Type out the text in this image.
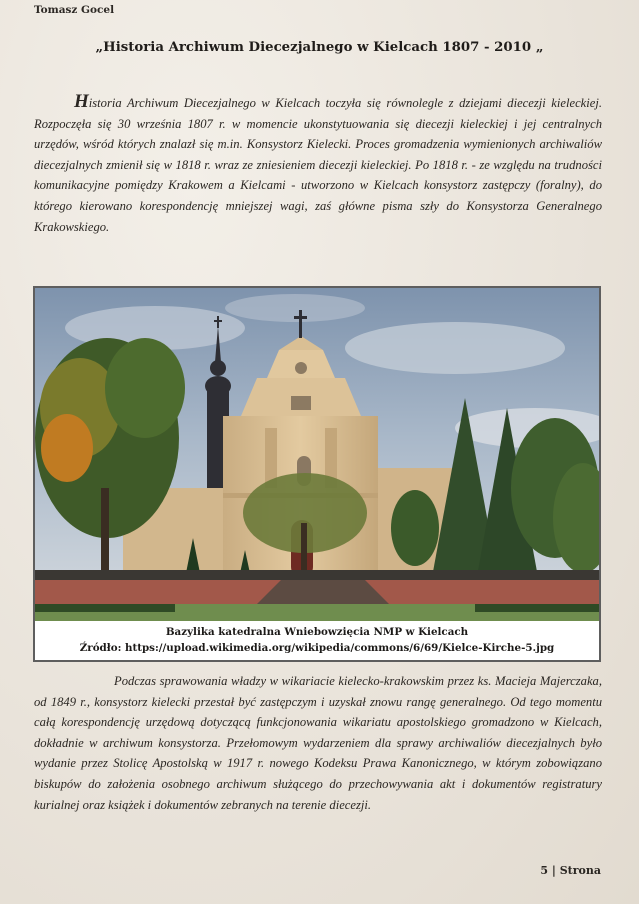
Tomasz Gocel
„Historia Archiwum Diecezjalnego w Kielcach 1807 - 2010 „

Historia Archiwum Diecezjalnego w Kielcach toczyła się równolegle z dziejami diecezji kieleckiej. Rozpoczęła się 30 września 1807 r. w momencie ukonstytuowania się diecezji kieleckiej i jej centralnych urzędów, wśród których znalazł się m.in. Konsystorz Kielecki. Proces gromadzenia wymienionych archiwaliów diecezjalnych zmienił się w 1818 r. wraz ze zniesieniem diecezji kieleckiej. Po 1818 r. - ze względu na trudności komunikacyjne pomiędzy Krakowem a Kielcami - utworzono w Kielcach konsystorz zastępczy (foralny), do którego kierowano korespondencję mniejszej wagi, zaś główne pisma szły do Konsystorza Generalnego Krakowskiego.

Bazylika katedralna Wniebowzięcia NMP w Kielcach
Źródło: https://upload.wikimedia.org/wikipedia/commons/6/69/Kielce-Kirche-5.jpg

Podczas sprawowania władzy w wikariacie kielecko-krakowskim przez ks. Macieja Majerczaka, od 1849 r., konsystorz kielecki przestał być zastępczym i uzyskał znowu rangę generalnego. Od tego momentu całą korespondencję urzędową dotyczącą funkcjonowania wikariatu apostolskiego gromadzono w Kielcach, dokładnie w archiwum konsystorza. Przełomowym wydarzeniem dla sprawy archiwaliów diecezjalnych było wydanie przez Stolicę Apostolską w 1917 r. nowego Kodeksu Prawa Kanonicznego, w którym zobowiązano biskupów do założenia osobnego archiwum służącego do przechowywania akt i dokumentów registratury kurialnej oraz książek i dokumentów zebranych na terenie diecezji.

5 | Strona
